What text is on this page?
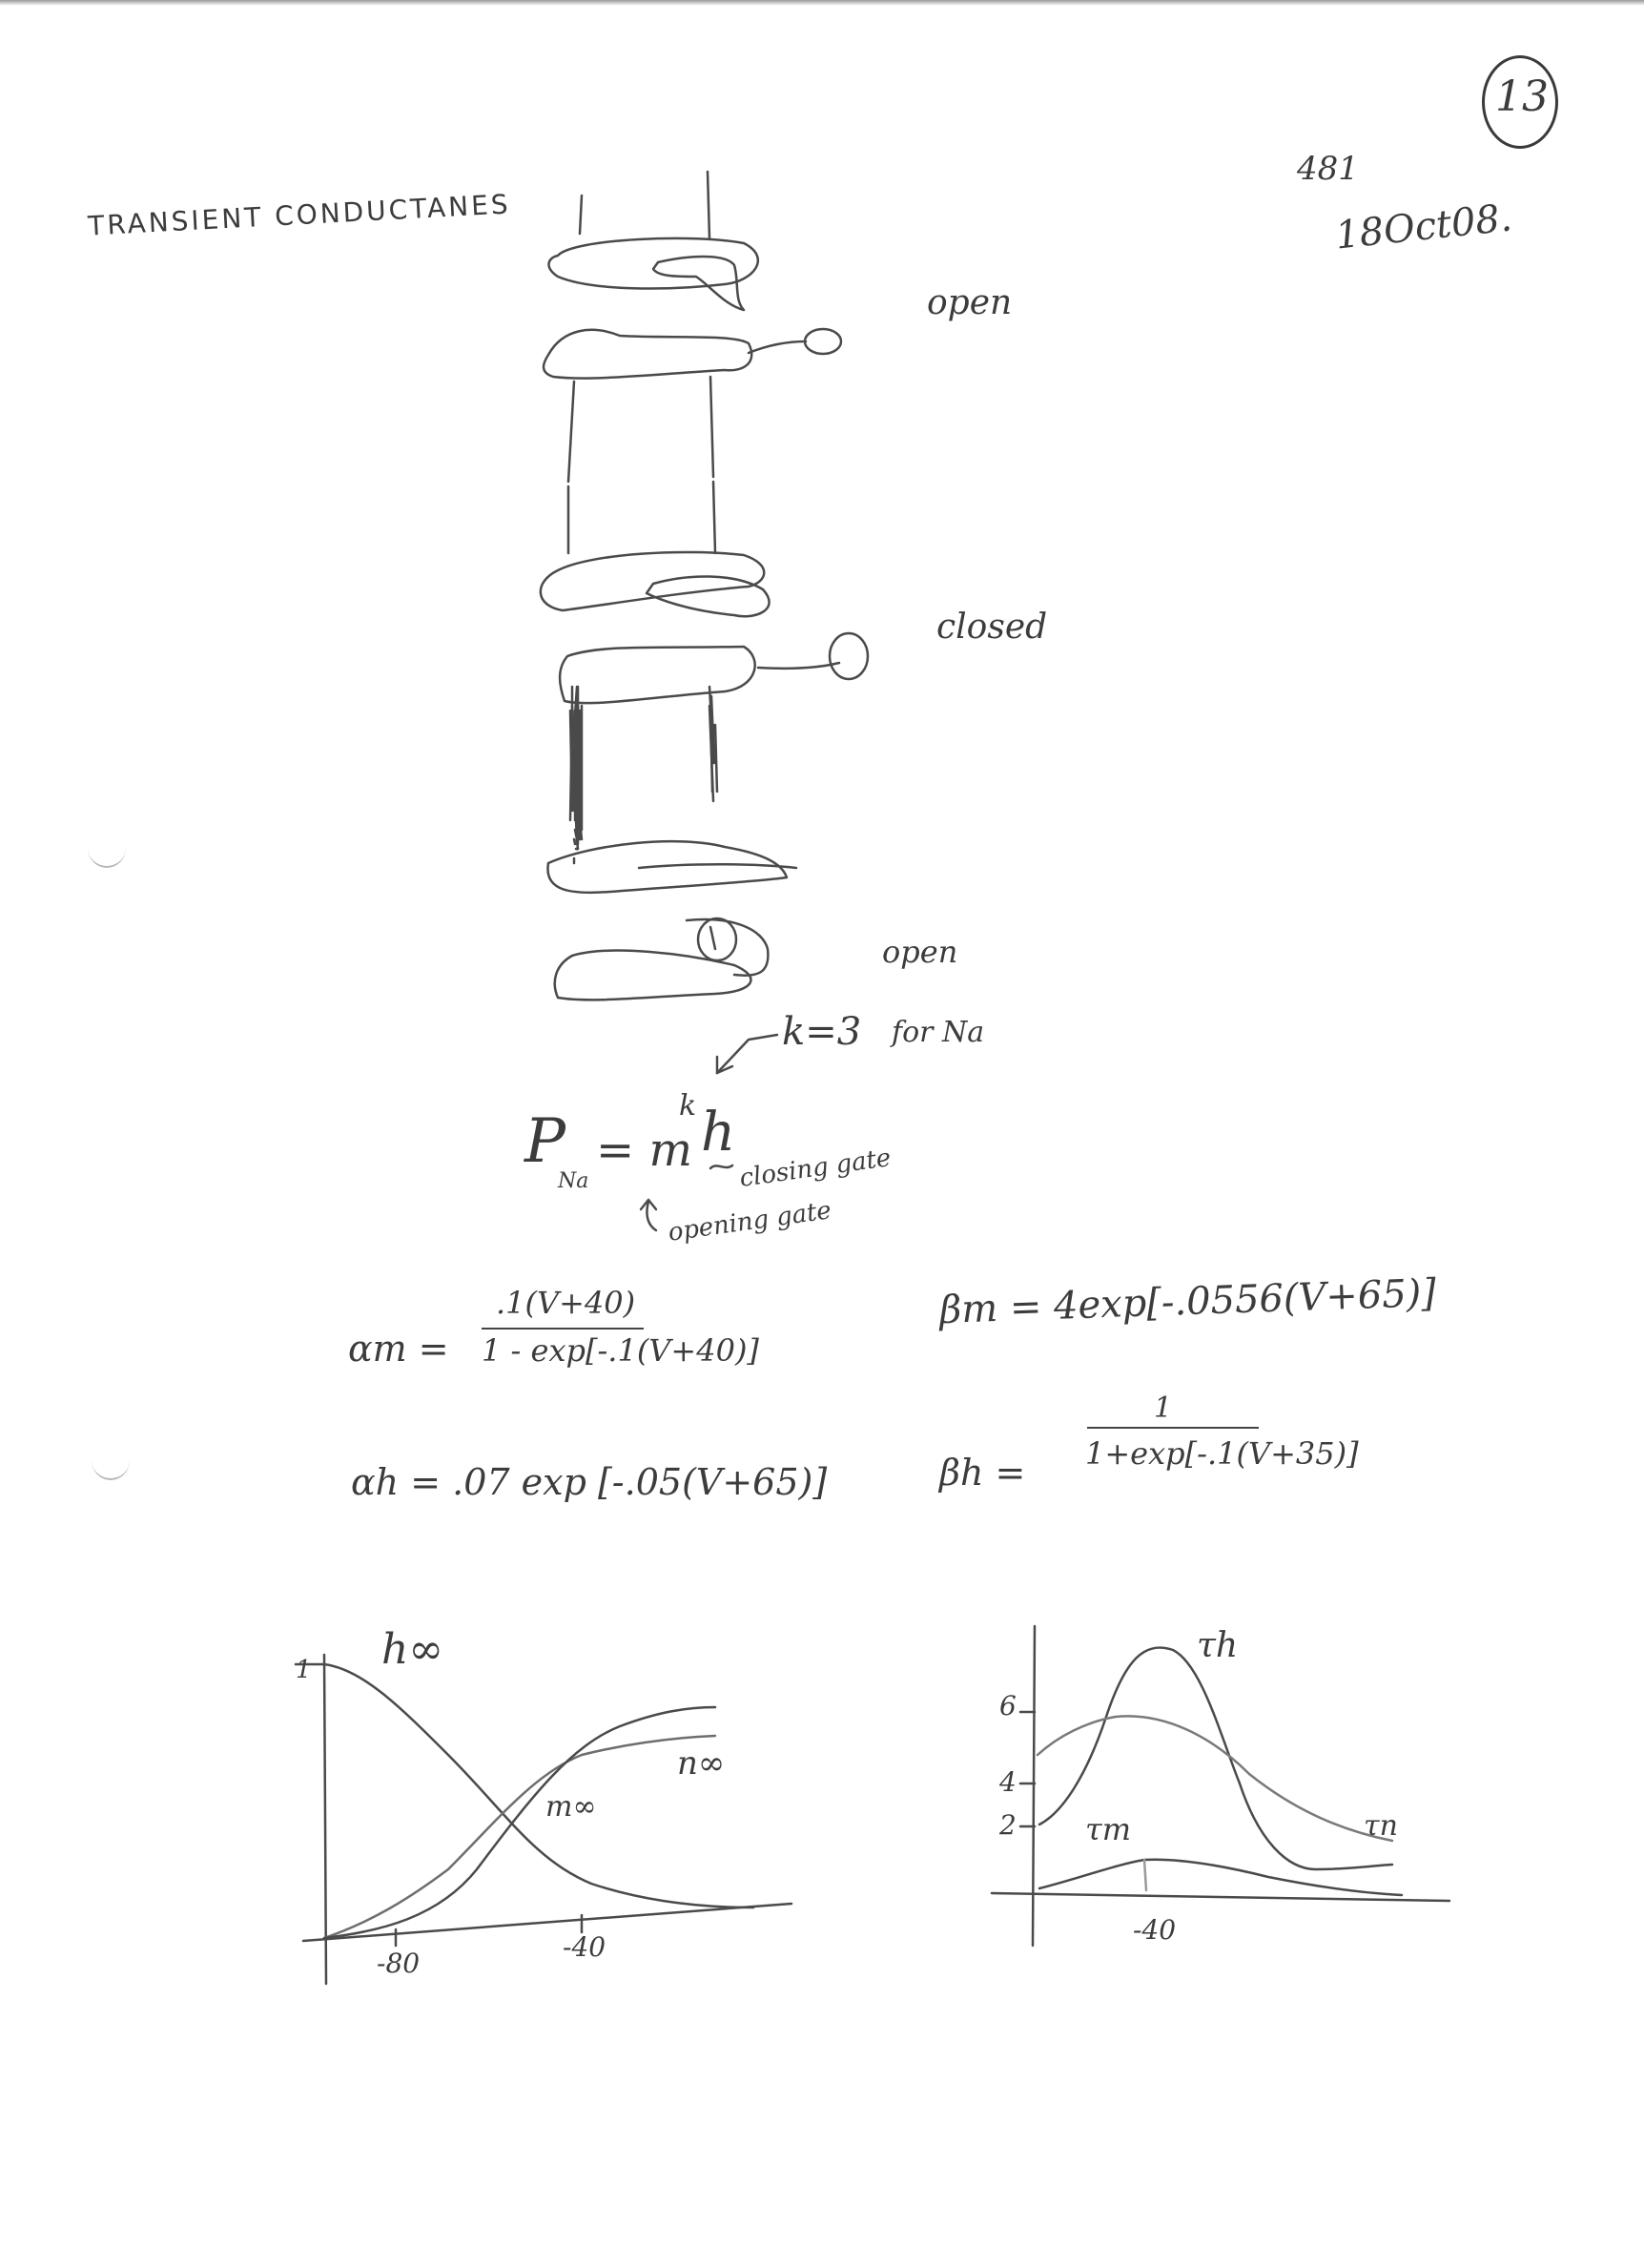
13
481
18Oct08.
TRANSIENT CONDUCTANES
open
closed
open
k=3 for Na
P
Na
= m
k h
closing gate
opening gate
αm =
.1(V+40)
1 - exp[-.1(V+40)]
βm = 4exp[-.0556(V+65)]
αh = .07 exp [-.05(V+65)]	βh =
1
1+exp[-.1(V+35)]
1 h∞
n∞
m∞
-80
-40
6
4
2
τh
τn
τm
-40
